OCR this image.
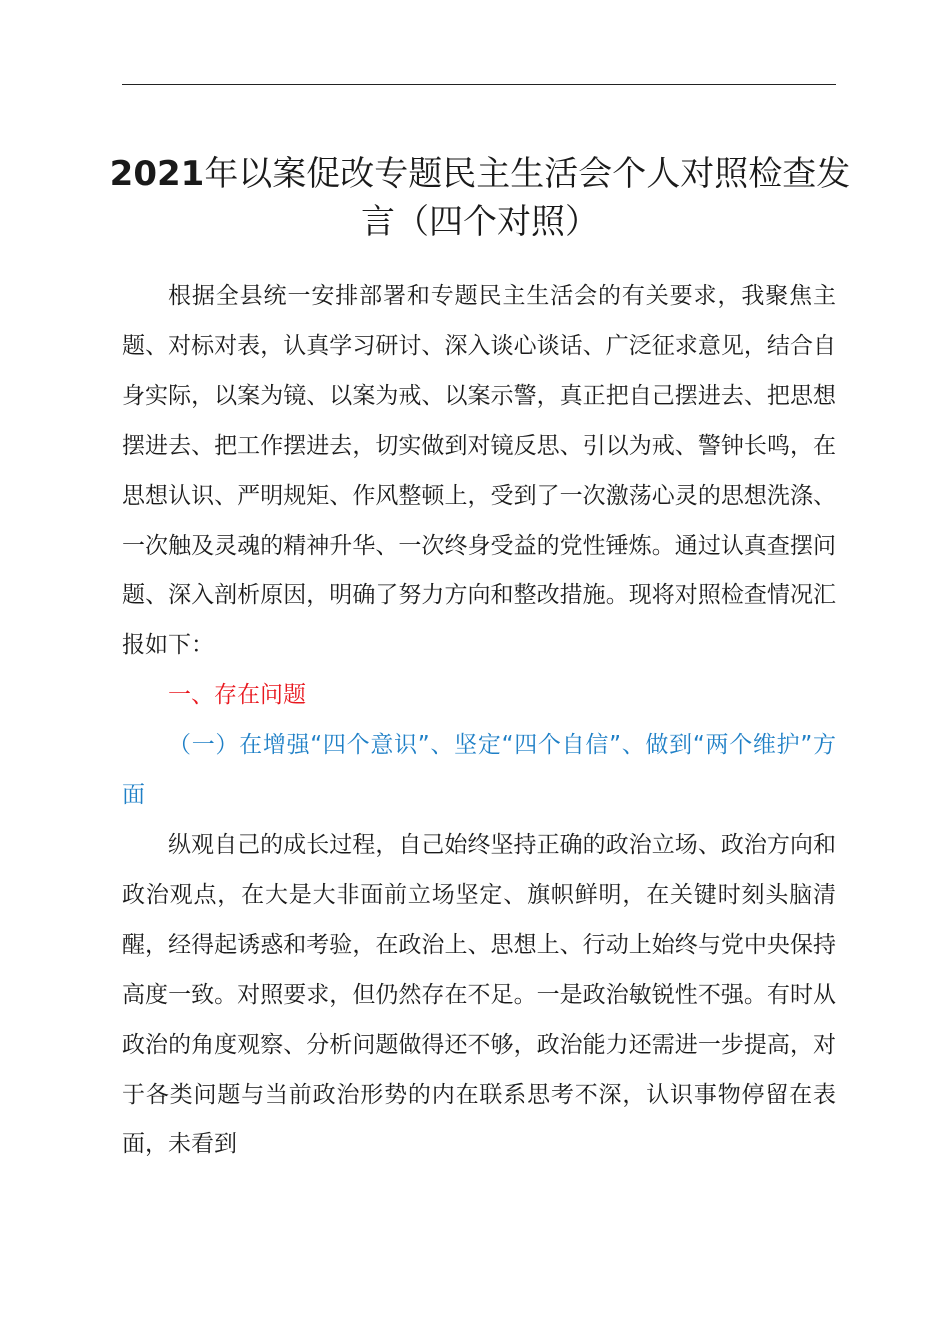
2021年以案促改专题民主生活会个人对照检查发言（四个对照）

根据全县统一安排部署和专题民主生活会的有关要求，我聚焦主题、对标对表，认真学习研讨、深入谈心谈话、广泛征求意见，结合自身实际，以案为镜、以案为戒、以案示警，真正把自己摆进去、把思想摆进去、把工作摆进去，切实做到对镜反思、引以为戒、警钟长鸣，在思想认识、严明规矩、作风整顿上，受到了一次激荡心灵的思想洗涤、一次触及灵魂的精神升华、一次终身受益的党性锤炼。通过认真查摆问题、深入剖析原因，明确了努力方向和整改措施。现将对照检查情况汇报如下：

一、存在问题

（一）在增强“四个意识”、坚定“四个自信”、做到“两个维护”方面

纵观自己的成长过程，自己始终坚持正确的政治立场、政治方向和政治观点，在大是大非面前立场坚定、旗帜鲜明，在关键时刻头脑清醒，经得起诱惑和考验，在政治上、思想上、行动上始终与党中央保持高度一致。对照要求，但仍然存在不足。一是政治敏锐性不强。有时从政治的角度观察、分析问题做得还不够，政治能力还需进一步提高，对于各类问题与当前政治形势的内在联系思考不深，认识事物停留在表面，未看到
